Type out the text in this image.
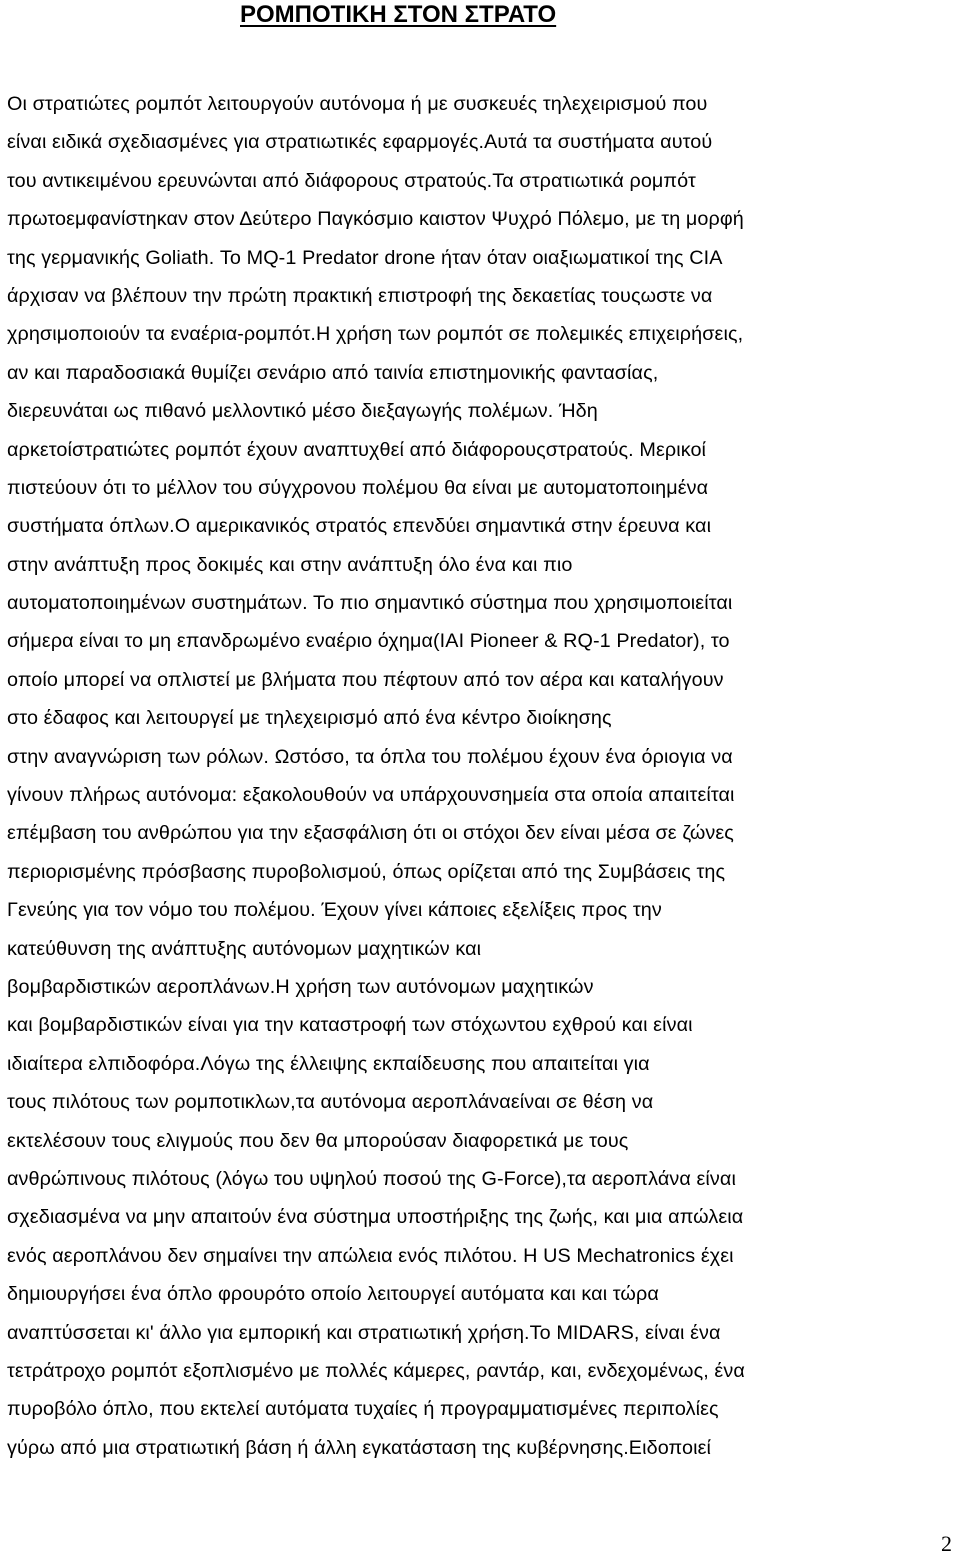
ΡΟΜΠΟΤΙΚΗ ΣΤΟΝ ΣΤΡΑΤΟ
Οι στρατιώτες ρομπότ λειτουργούν αυτόνομα ή με συσκευές τηλεχειρισμού που
είναι ειδικά σχεδιασμένες για στρατιωτικές εφαρμογές.Αυτά τα συστήματα αυτού
του αντικειμένου ερευνώνται από διάφορους στρατούς.Τα στρατιωτικά ρομπότ
πρωτοεμφανίστηκαν στον Δεύτερο Παγκόσμιο καιστον Ψυχρό Πόλεμο, με τη μορφή
της γερμανικής Goliath. Το MQ-1 Predator drone ήταν όταν οιαξιωματικοί της CIA
άρχισαν να βλέπουν την πρώτη πρακτική επιστροφή της δεκαετίας τουςωστε να
χρησιμοποιούν τα εναέρια-ρομπότ.Η χρήση των ρομπότ σε πολεμικές επιχειρήσεις,
αν και παραδοσιακά θυμίζει σενάριο από ταινία επιστημονικής φαντασίας,
διερευνάται ως πιθανό μελλοντικό μέσο διεξαγωγής πολέμων. Ήδη
αρκετοίστρατιώτες ρομπότ έχουν αναπτυχθεί από διάφορουςστρατούς. Μερικοί
πιστεύουν ότι το μέλλον του σύγχρονου πολέμου θα είναι με αυτοματοποιημένα
συστήματα όπλων.Ο αμερικανικός στρατός επενδύει σημαντικά στην έρευνα και
στην ανάπτυξη προς δοκιμές και στην ανάπτυξη όλο ένα και πιο
αυτοματοποιημένων συστημάτων. Το πιο σημαντικό σύστημα που χρησιμοποιείται
σήμερα είναι το μη επανδρωμένο εναέριο όχημα(IAI Pioneer & RQ-1 Predator), το
οποίο μπορεί να οπλιστεί με βλήματα που πέφτουν από τον αέρα και καταλήγουν
στο έδαφος και λειτουργεί με τηλεχειρισμό από ένα κέντρο διοίκησης
στην αναγνώριση των ρόλων. Ωστόσο, τα όπλα του πολέμου έχουν ένα όριογια να
γίνουν πλήρως αυτόνομα: εξακολουθούν να υπάρχουνσημεία στα οποία απαιτείται
επέμβαση του ανθρώπου για την εξασφάλιση ότι οι στόχοι δεν είναι μέσα σε ζώνες
περιορισμένης πρόσβασης πυροβολισμού, όπως ορίζεται από της Συμβάσεις της
Γενεύης για τον νόμο του πολέμου. Έχουν γίνει κάποιες εξελίξεις προς την
κατεύθυνση της ανάπτυξης αυτόνομων μαχητικών και
βομβαρδιστικών αεροπλάνων.Η χρήση των αυτόνομων μαχητικών
και βομβαρδιστικών είναι για την καταστροφή των στόχωντου εχθρού και είναι
ιδιαίτερα ελπιδοφόρα.Λόγω της έλλειψης εκπαίδευσης που απαιτείται για
τους πιλότους των ρομποτικλων,τα αυτόνομα αεροπλάναείναι σε θέση να
εκτελέσουν τους ελιγμούς που δεν θα μπορούσαν διαφορετικά με τους
ανθρώπινους πιλότους (λόγω του υψηλού ποσού της G-Force),τα αεροπλάνα είναι
σχεδιασμένα να μην απαιτούν ένα σύστημα υποστήριξης της ζωής, και μια απώλεια
ενός αεροπλάνου δεν σημαίνει την απώλεια ενός πιλότου. Η US Mechatronics έχει
δημιουργήσει ένα όπλο φρουρότο οποίο λειτουργεί αυτόματα και και τώρα
αναπτύσσεται κι' άλλο για εμπορική και στρατιωτική χρήση.Το MIDARS, είναι ένα
τετράτροχο ρομπότ εξοπλισμένο με πολλές κάμερες, ραντάρ, και, ενδεχομένως, ένα
πυροβόλο όπλο, που εκτελεί αυτόματα τυχαίες ή προγραμματισμένες περιπολίες
γύρω από μια στρατιωτική βάση ή άλλη εγκατάσταση της κυβέρνησης.Ειδοποιεί
2
